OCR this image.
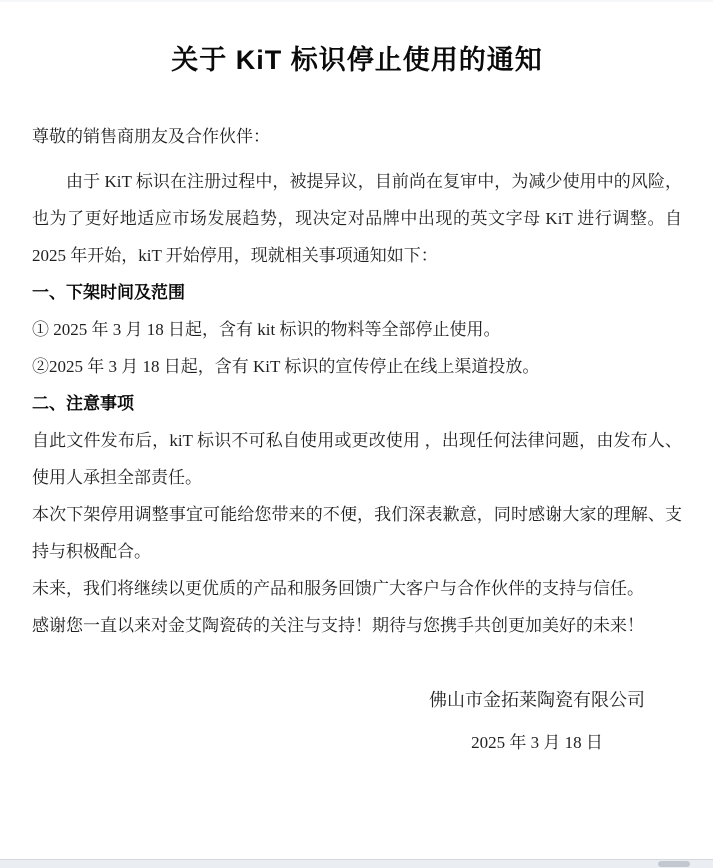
关于 KiT 标识停止使用的通知
尊敬的销售商朋友及合作伙伴：

由于 KiT 标识在注册过程中，被提异议，目前尚在复审中，为减少使用中的风险，也为了更好地适应市场发展趋势，现决定对品牌中出现的英文字母 KiT 进行调整。自 2025 年开始，kiT 开始停用，现就相关事项通知如下：

一、下架时间及范围
① 2025 年 3 月 18 日起，含有 kit 标识的物料等全部停止使用。
②2025 年 3 月 18 日起，含有 KiT 标识的宣传停止在线上渠道投放。
二、注意事项

自此文件发布后，kiT 标识不可私自使用或更改使用 ，出现任何法律问题，由发布人、使用人承担全部责任。

本次下架停用调整事宜可能给您带来的不便，我们深表歉意，同时感谢大家的理解、支持与积极配合。

未来，我们将继续以更优质的产品和服务回馈广大客户与合作伙伴的支持与信任。

感谢您一直以来对金艾陶瓷砖的关注与支持！期待与您携手共创更加美好的未来！

佛山市金拓莱陶瓷有限公司
2025 年 3 月 18 日
